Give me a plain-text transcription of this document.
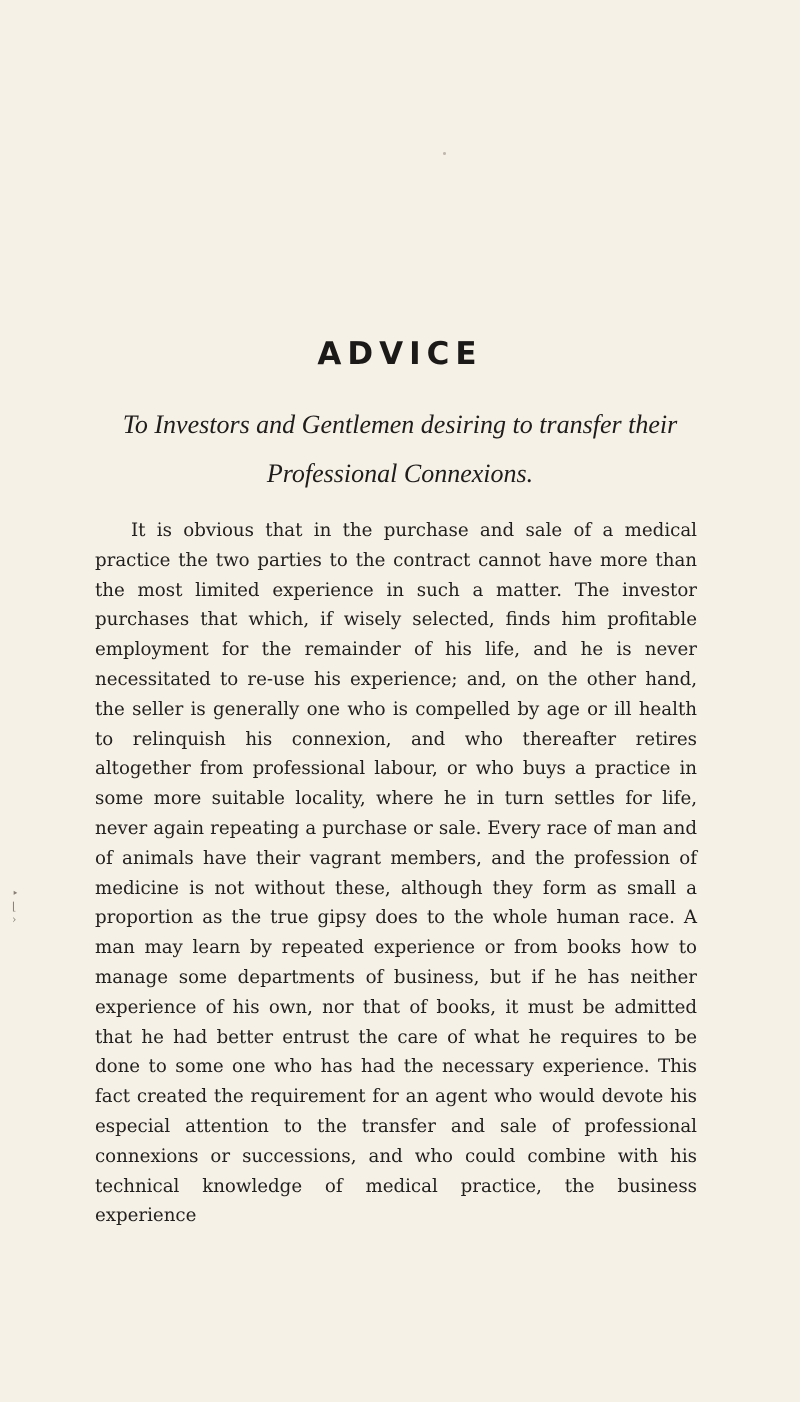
ADVICE
To Investors and Gentlemen desiring to transfer their
Professional Connexions.

It is obvious that in the purchase and sale of a medical practice the two parties to the contract cannot have more than the most limited experience in such a matter. The investor purchases that which, if wisely selected, finds him profitable employment for the remainder of his life, and he is never necessitated to re-use his experience; and, on the other hand, the seller is generally one who is compelled by age or ill health to relinquish his connexion, and who thereafter retires altogether from professional labour, or who buys a practice in some more suitable locality, where he in turn settles for life, never again repeating a purchase or sale. Every race of man and of animals have their vagrant members, and the profession of medicine is not without these, although they form as small a proportion as the true gipsy does to the whole human race. A man may learn by repeated experience or from books how to manage some departments of business, but if he has neither experience of his own, nor that of books, it must be admitted that he had better entrust the care of what he requires to be done to some one who has had the necessary experience. This fact created the requirement for an agent who would devote his especial attention to the transfer and sale of professional connexions or successions, and who could combine with his technical knowledge of medical practice, the business experience

‣
⌊
›
